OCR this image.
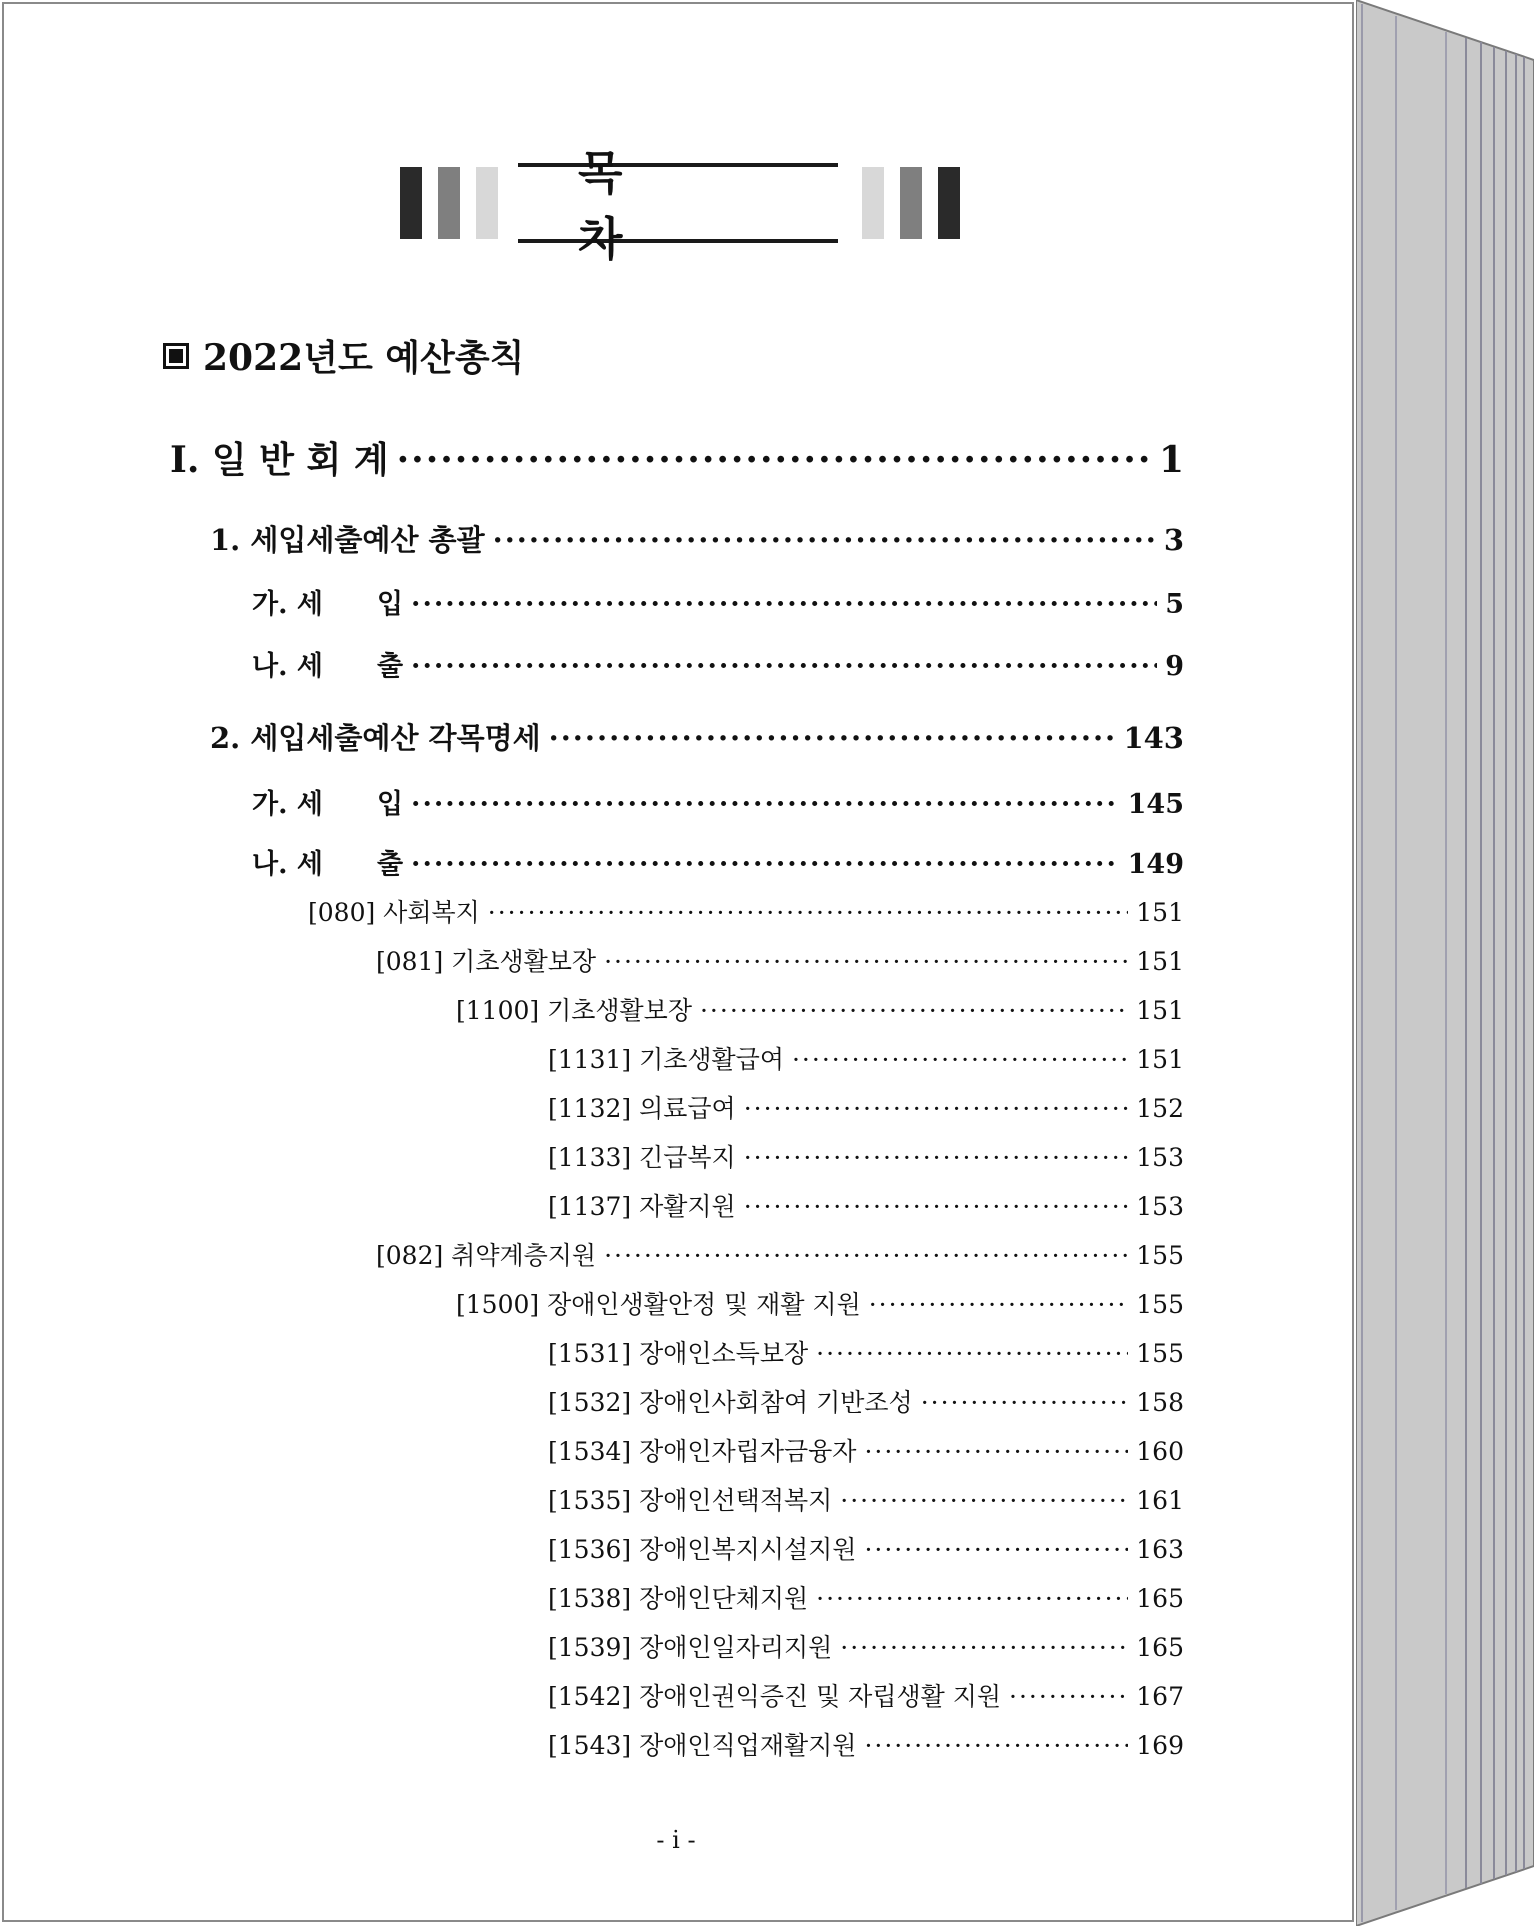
목 차
2022년도 예산총칙
Ⅰ. 일 반 회 계 ·····	1
1. 세입세출예산 총괄 ·····	3
가. 세　　입 ·····	5
나. 세　　출 ·····	9
2. 세입세출예산 각목명세 ·····	143
가. 세　　입 ·····	145
나. 세　　출 ·····	149
[080] 사회복지 ·····	151
[081] 기초생활보장 ·····	151
[1100] 기초생활보장 ·····	151
[1131] 기초생활급여 ·····	151
[1132] 의료급여 ·····	152
[1133] 긴급복지 ·····	153
[1137] 자활지원 ·····	153
[082] 취약계층지원 ·····	155
[1500] 장애인생활안정 및 재활 지원 ·····	155
[1531] 장애인소득보장 ·····	155
[1532] 장애인사회참여 기반조성 ·····	158
[1534] 장애인자립자금융자 ·····	160
[1535] 장애인선택적복지 ·····	161
[1536] 장애인복지시설지원 ·····	163
[1538] 장애인단체지원 ·····	165
[1539] 장애인일자리지원 ·····	165
[1542] 장애인권익증진 및 자립생활 지원 ·····	167
[1543] 장애인직업재활지원 ·····	169
- i -
